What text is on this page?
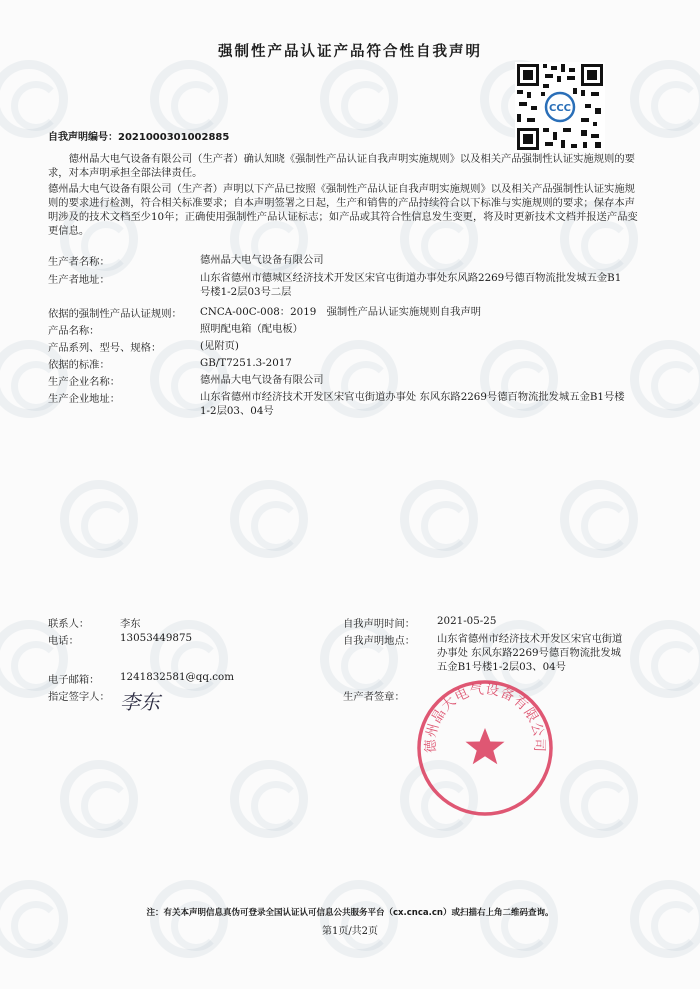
强制性产品认证产品符合性自我声明
CCC
自我声明编号：2021000301002885
德州晶大电气设备有限公司（生产者）确认知晓《强制性产品认证自我声明实施规则》以及相关产品强制性认证实施规则的要求，对本声明承担全部法律责任。
德州晶大电气设备有限公司（生产者）声明以下产品已按照《强制性产品认证自我声明实施规则》以及相关产品强制性认证实施规则的要求进行检测，符合相关标准要求；自本声明签署之日起，生产和销售的产品持续符合以下标准与实施规则的要求；保存本声明涉及的技术文档至少10年；正确使用强制性产品认证标志；如产品或其符合性信息发生变更，将及时更新技术文档并报送产品变更信息。
生产者名称：	德州晶大电气设备有限公司
生产者地址：	山东省德州市德城区经济技术开发区宋官屯街道办事处东风路2269号德百物流批发城五金B1号楼1-2层03号二层
依据的强制性产品认证规则： CNCA-00C-008：2019　强制性产品认证实施规则自我声明
产品名称：	照明配电箱（配电板）
产品系列、型号、规格：	(见附页)
依据的标准：	GB/T7251.3-2017
生产企业名称：	德州晶大电气设备有限公司
生产企业地址：	山东省德州市经济技术开发区宋官屯街道办事处 东风东路2269号德百物流批发城五金B1号楼1-2层03、04号
联系人：	李东
电话：	13053449875
电子邮箱： 1241832581@qq.com
指定签字人： 李东
自我声明时间： 2021-05-25
自我声明地点： 山东省德州市经济技术开发区宋官屯街道办事处 东风东路2269号德百物流批发城五金B1号楼1-2层03、04号
生产者签章：
德州晶大电气设备有限公司
注：有关本声明信息真伪可登录全国认证认可信息公共服务平台（cx.cnca.cn）或扫描右上角二维码查询。
第1页/共2页
